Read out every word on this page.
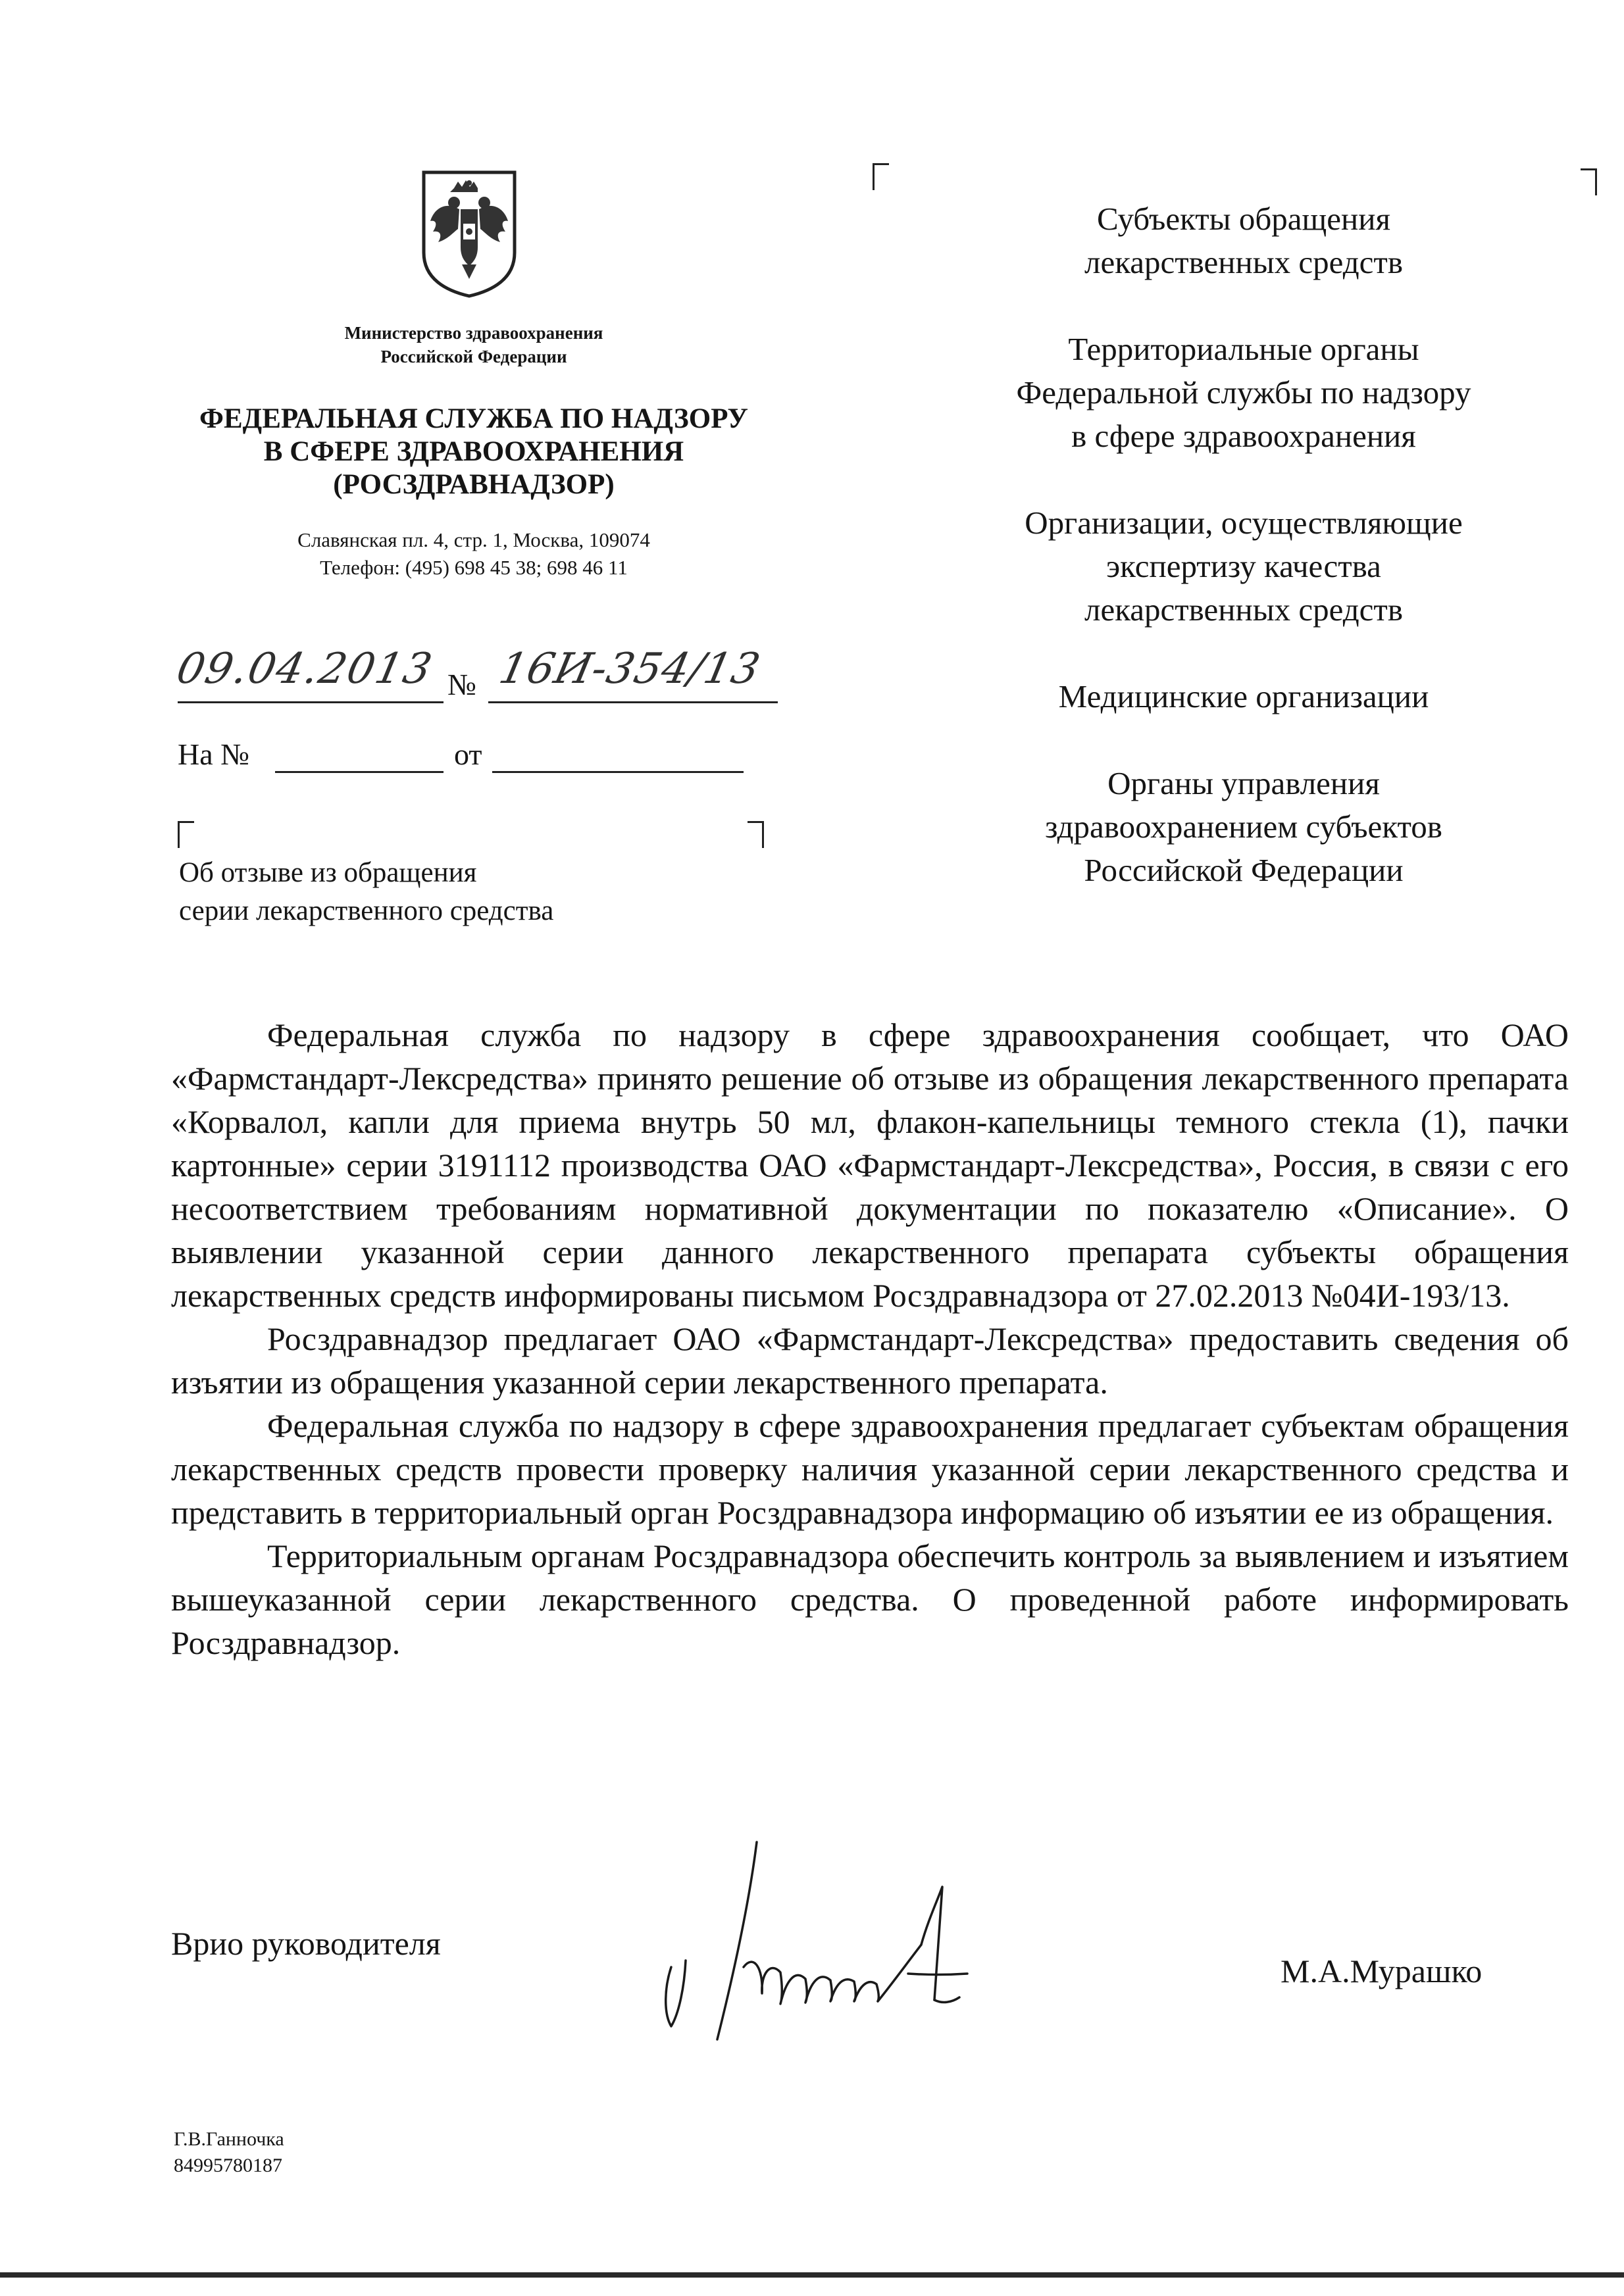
Министерство здравоохранения
Российской Федерации
ФЕДЕРАЛЬНАЯ СЛУЖБА ПО НАДЗОРУ
В СФЕРЕ ЗДРАВООХРАНЕНИЯ
(РОСЗДРАВНАДЗОР)
Славянская пл. 4, стр. 1, Москва, 109074
Телефон: (495) 698 45 38; 698 46 11
09.04.2013 № 16И-354/13
На №	от
Об отзыве из обращения
серии лекарственного средства
Субъекты обращения
лекарственных средств
Территориальные органы
Федеральной службы по надзору
в сфере здравоохранения
Организации, осуществляющие
экспертизу качества
лекарственных средств
Медицинские организации
Органы управления
здравоохранением субъектов
Российской Федерации

Федеральная служба по надзору в сфере здравоохранения сообщает, что ОАО «Фармстандарт-Лексредства» принято решение об отзыве из обращения лекарственного препарата «Корвалол, капли для приема внутрь 50 мл, флакон-капельницы темного стекла (1), пачки картонные» серии 3191112 производства ОАО «Фармстандарт-Лексредства», Россия, в связи с его несоответствием требованиям нормативной документации по показателю «Описание». О выявлении указанной серии данного лекарственного препарата субъекты обращения лекарственных средств информированы письмом Росздравнадзора от 27.02.2013 №04И-193/13.

Росздравнадзор предлагает ОАО «Фармстандарт-Лексредства» предоставить сведения об изъятии из обращения указанной серии лекарственного препарата.

Федеральная служба по надзору в сфере здравоохранения предлагает субъектам обращения лекарственных средств провести проверку наличия указанной серии лекарственного средства и представить в территориальный орган Росздравнадзора информацию об изъятии ее из обращения.

Территориальным органам Росздравнадзора обеспечить контроль за выявлением и изъятием вышеуказанной серии лекарственного средства. О проведенной работе информировать Росздравнадзор.

Врио руководителя
М.А.Мурашко
Г.В.Ганночка
84995780187
